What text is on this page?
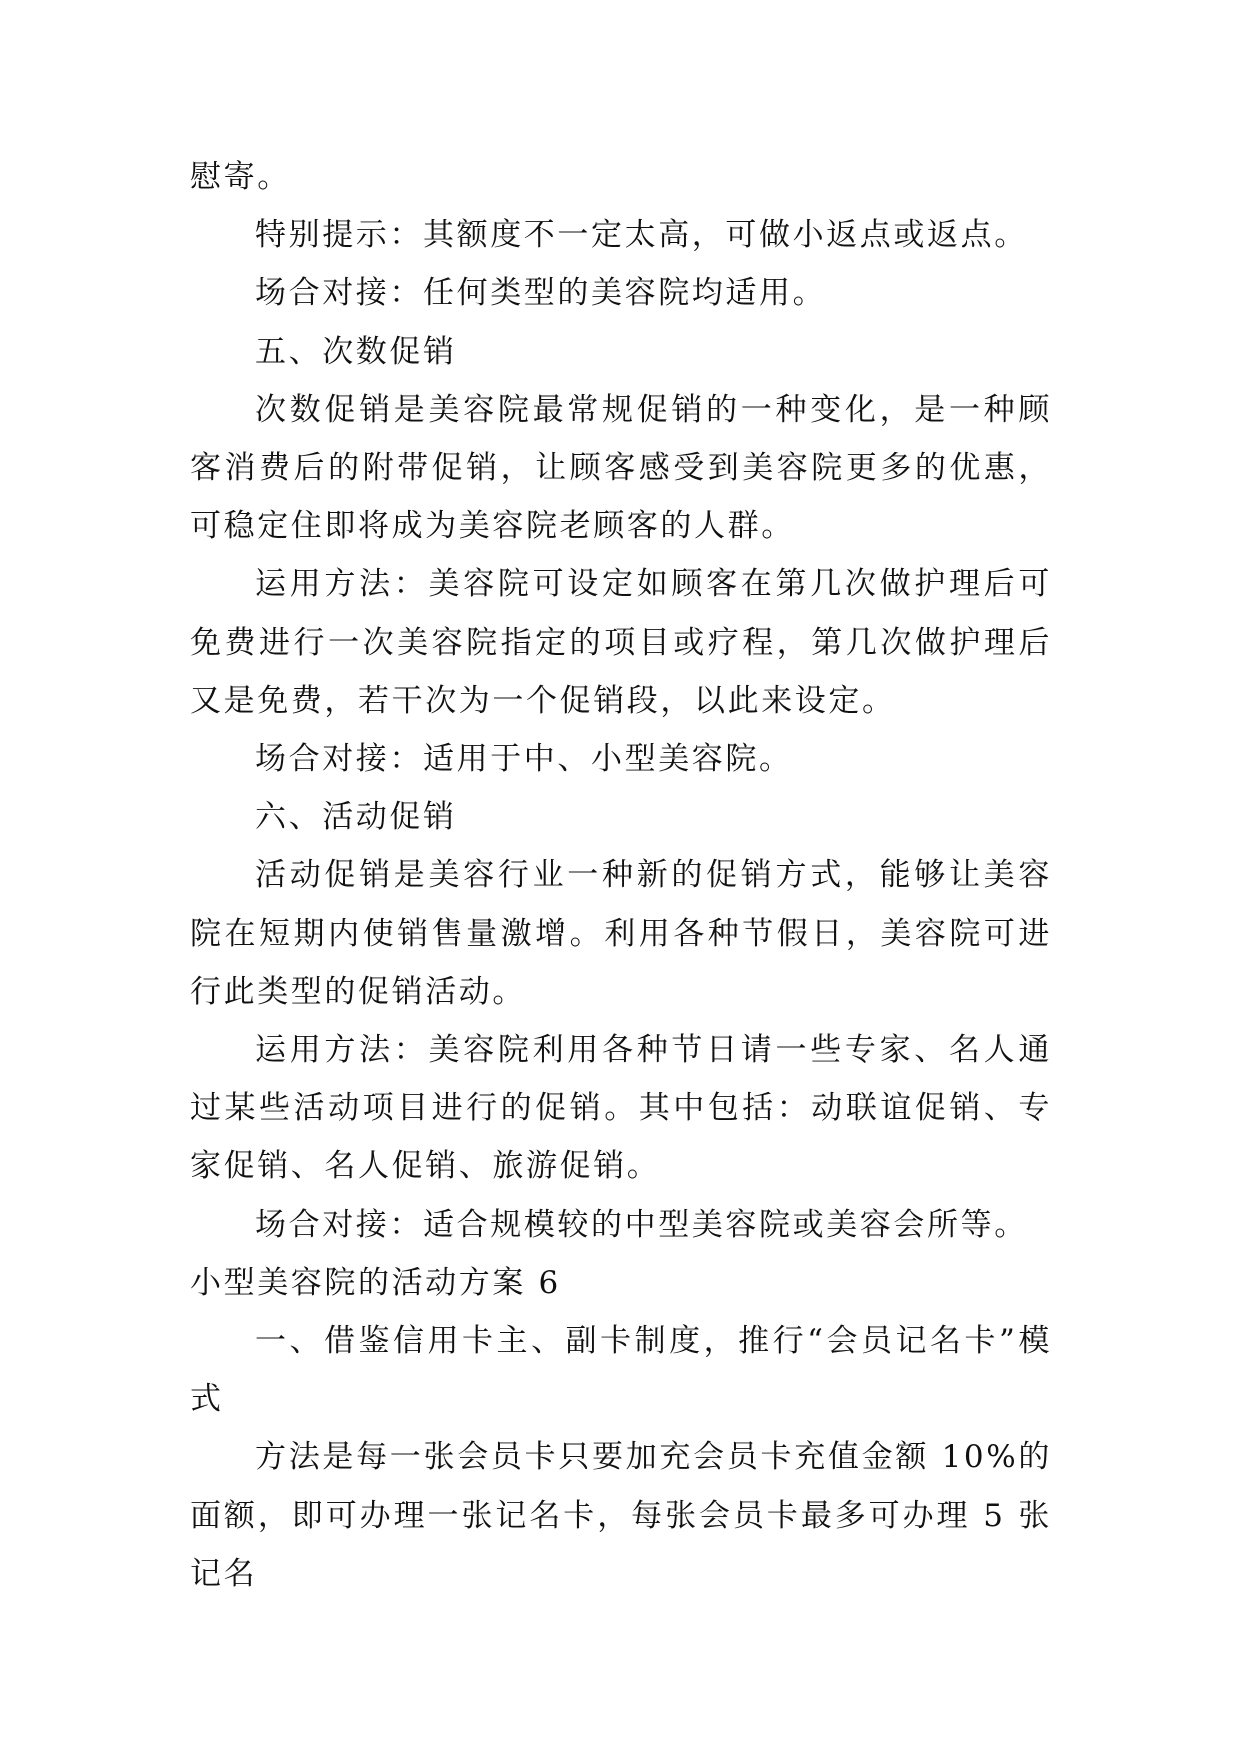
慰寄。

特别提示：其额度不一定太高，可做小返点或返点。

场合对接：任何类型的美容院均适用。

五、次数促销

次数促销是美容院最常规促销的一种变化，是一种顾客消费后的附带促销，让顾客感受到美容院更多的优惠，可稳定住即将成为美容院老顾客的人群。

运用方法：美容院可设定如顾客在第几次做护理后可免费进行一次美容院指定的项目或疗程，第几次做护理后又是免费，若干次为一个促销段，以此来设定。

场合对接：适用于中、小型美容院。

六、活动促销

活动促销是美容行业一种新的促销方式，能够让美容院在短期内使销售量激增。利用各种节假日，美容院可进行此类型的促销活动。

运用方法：美容院利用各种节日请一些专家、名人通过某些活动项目进行的促销。其中包括：动联谊促销、专家促销、名人促销、旅游促销。

场合对接：适合规模较的中型美容院或美容会所等。

小型美容院的活动方案 6

一、借鉴信用卡主、副卡制度，推行“会员记名卡”模式

方法是每一张会员卡只要加充会员卡充值金额 10%的面额，即可办理一张记名卡，每张会员卡最多可办理 5 张记名
